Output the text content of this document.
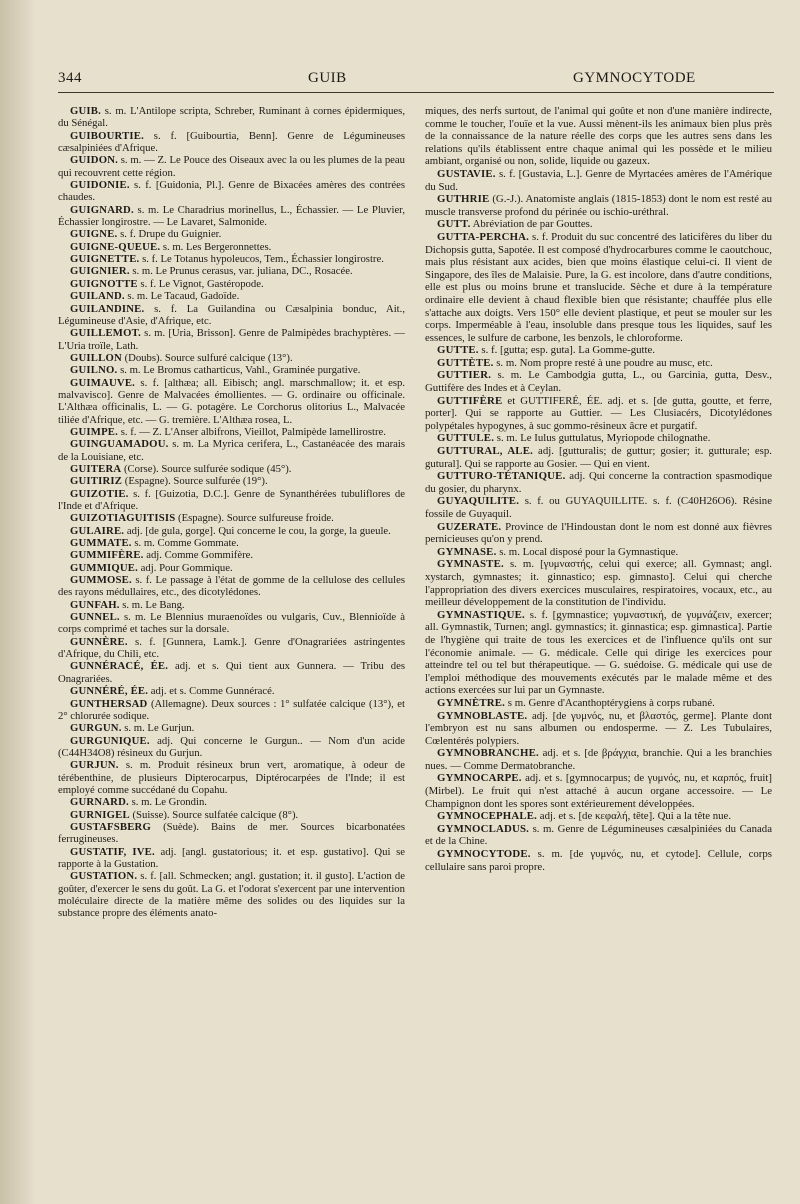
344	GUIB	GYMNOCYTODE

GUIB. s. m. L'Antilope scripta, Schreber, Ruminant à cornes épidermiques, du Sénégal.

GUIBOURTIE. s. f. [Guibourtia, Benn]. Genre de Légumineuses cæsalpiniées d'Afrique.

GUIDON. s. m. — Z. Le Pouce des Oiseaux avec la ou les plumes de la peau qui recouvrent cette région.

GUIDONIE. s. f. [Guidonia, Pl.]. Genre de Bixacées amères des contrées chaudes.

GUIGNARD. s. m. Le Charadrius morinellus, L., Échassier. — Le Pluvier, Échassier longirostre. — Le Lavaret, Salmonide.

GUIGNE. s. f. Drupe du Guignier.

GUIGNE-QUEUE. s. m. Les Bergeronnettes.

GUIGNETTE. s. f. Le Totanus hypoleucos, Tem., Échassier longirostre.

GUIGNIER. s. m. Le Prunus cerasus, var. juliana, DC., Rosacée.

GUIGNOTTE s. f. Le Vignot, Gastéropode.

GUILAND. s. m. Le Tacaud, Gadoïde.

GUILANDINE. s. f. La Guilandina ou Cæsalpinia bonduc, Ait., Légumineuse d'Asie, d'Afrique, etc.

GUILLEMOT. s. m. [Uria, Brisson]. Genre de Palmipèdes brachyptères. — L'Uria troïle, Lath.

GUILLON (Doubs). Source sulfuré calcique (13°).

GUILNO. s. m. Le Bromus catharticus, Vahl., Graminée purgative.

GUIMAUVE. s. f. [althæa; all. Eibisch; angl. marschmallow; it. et esp. malvavisco]. Genre de Malvacées émollientes. — G. ordinaire ou officinale. L'Althæa officinalis, L. — G. potagère. Le Corchorus olitorius L., Malvacée tiliée d'Afrique, etc. — G. tremière. L'Althæa rosea, L.

GUIMPE. s. f. — Z. L'Anser albifrons, Vieillot, Palmipède lamellirostre.

GUINGUAMADOU. s. m. La Myrica cerifera, L., Castanéacée des marais de la Louisiane, etc.

GUITERA (Corse). Source sulfurée sodique (45°).

GUITIRIZ (Espagne). Source sulfurée (19°).

GUIZOTIE. s. f. [Guizotia, D.C.]. Genre de Synanthérées tubuliflores de l'Inde et d'Afrique.

GUIZOTIAGUITISIS (Espagne). Source sulfureuse froide.

GULAIRE. adj. [de gula, gorge]. Qui concerne le cou, la gorge, la gueule.

GUMMATE. s. m. Comme Gommate.

GUMMIFÈRE. adj. Comme Gommifère.

GUMMIQUE. adj. Pour Gommique.

GUMMOSE. s. f. Le passage à l'état de gomme de la cellulose des cellules des rayons médullaires, etc., des dicotylédones.

GUNFAH. s. m. Le Bang.

GUNNEL. s. m. Le Blennius muraenoïdes ou vulgaris, Cuv., Blennioïde à corps comprimé et taches sur la dorsale.

GUNNÈRE. s. f. [Gunnera, Lamk.]. Genre d'Onagrariées astringentes d'Afrique, du Chili, etc.

GUNNÉRACÉ, ÉE. adj. et s. Qui tient aux Gunnera. — Tribu des Onagrariées.

GUNNÉRÉ, ÉE. adj. et s. Comme Gunnéracé.

GUNTHERSAD (Allemagne). Deux sources : 1° sulfatée calcique (13°), et 2° chlorurée sodique.

GURGUN. s. m. Le Gurjun.

GURGUNIQUE. adj. Qui concerne le Gurgun.. — Nom d'un acide (C44H34O8) résineux du Gurjun.

GURJUN. s. m. Produit résineux brun vert, aromatique, à odeur de térébenthine, de plusieurs Dipterocarpus, Diptérocarpées de l'Inde; il est employé comme succédané du Copahu.

GURNARD. s. m. Le Grondin.

GURNIGEL (Suisse). Source sulfatée calcique (8°).

GUSTAFSBERG (Suède). Bains de mer. Sources bicarbonatées ferrugineuses.

GUSTATIF, IVE. adj. [angl. gustatorious; it. et esp. gustativo]. Qui se rapporte à la Gustation.

GUSTATION. s. f. [all. Schmecken; angl. gustation; it. il gusto]. L'action de goûter, d'exercer le sens du goût. La G. et l'odorat s'exercent par une intervention moléculaire directe de la matière même des solides ou des liquides sur la substance propre des éléments anato-

miques, des nerfs surtout, de l'animal qui goûte et non d'une manière indirecte, comme le toucher, l'ouïe et la vue. Aussi mènent-ils les animaux bien plus près de la connaissance de la nature réelle des corps que les autres sens dans les relations qu'ils établissent entre chaque animal qui les possède et le milieu ambiant, organisé ou non, solide, liquide ou gazeux.

GUSTAVIE. s. f. [Gustavia, L.]. Genre de Myrtacées amères de l'Amérique du Sud.

GUTHRIE (G.-J.). Anatomiste anglais (1815-1853) dont le nom est resté au muscle transverse profond du périnée ou ischio-uréthral.

GUTT. Abréviation de par Gouttes.

GUTTA-PERCHA. s. f. Produit du suc concentré des laticifères du liber du Dichopsis gutta, Sapotée. Il est composé d'hydrocarbures comme le caoutchouc, mais plus résistant aux acides, bien que moins élastique celui-ci. Il vient de Singapore, des îles de Malaisie. Pure, la G. est incolore, dans d'autre conditions, elle est plus ou moins brune et translucide. Sèche et dure à la température ordinaire elle devient à chaud flexible bien que résistante; chauffée plus elle s'attache aux doigts. Vers 150° elle devient plastique, et peut se mouler sur les corps. Imperméable à l'eau, insoluble dans presque tous les liquides, sauf les essences, le sulfure de carbone, les benzols, le chloroforme.

GUTTE. s. f. [gutta; esp. guta]. La Gomme-gutte.

GUTTÈTE. s. m. Nom propre resté à une poudre au musc, etc.

GUTTIER. s. m. Le Cambodgia gutta, L., ou Garcinia, gutta, Desv., Guttifère des Indes et à Ceylan.

GUTTIFÈRE et GUTTIFERÉ, ÉE. adj. et s. [de gutta, goutte, et ferre, porter]. Qui se rapporte au Guttier. — Les Clusiacérs, Dicotylédones polypétales hypogynes, à suc gommo-résineux âcre et purgatif.

GUTTULE. s. m. Le Iulus guttulatus, Myriopode chilognathe.

GUTTURAL, ALE. adj. [gutturalis; de guttur; gosier; it. gutturale; esp. gutural]. Qui se rapporte au Gosier. — Qui en vient.

GUTTURO-TÉTANIQUE. adj. Qui concerne la contraction spasmodique du gosier, du pharynx.

GUYAQUILITE. s. f. ou GUYAQUILLITE. s. f. (C40H26O6). Résine fossile de Guyaquil.

GUZERATE. Province de l'Hindoustan dont le nom est donné aux fièvres pernicieuses qu'on y prend.

GYMNASE. s. m. Local disposé pour la Gymnastique.

GYMNASTE. s. m. [γυμναστής, celui qui exerce; all. Gymnast; angl. xystarch, gymnastes; it. ginnastico; esp. gimnasto]. Celui qui cherche l'appropriation des divers exercices musculaires, respiratoires, vocaux, etc., au meilleur développement de la constitution de l'individu.

GYMNASTIQUE. s. f. [gymnastice; γυμναστική, de γυμνάζειν, exercer; all. Gymnastik, Turnen; angl. gymnastics; it. ginnastica; esp. gimnastica]. Partie de l'hygiène qui traite de tous les exercices et de l'influence qu'ils ont sur l'économie animale. — G. médicale. Celle qui dirige les exercices pour atteindre tel ou tel but thérapeutique. — G. suédoise. G. médicale qui use de l'emploi méthodique des mouvements exécutés par le malade même et des actions exercées sur lui par un Gymnaste.

GYMNÈTRE. s m. Genre d'Acanthoptérygiens à corps rubané.

GYMNOBLASTE. adj. [de γυμνός, nu, et βλαστός, germe]. Plante dont l'embryon est nu sans albumen ou endosperme. — Z. Les Tubulaires, Cœlentérés polypiers.

GYMNOBRANCHE. adj. et s. [de βράγχια, branchie. Qui a les branchies nues. — Comme Dermatobranche.

GYMNOCARPE. adj. et s. [gymnocarpus; de γυμνός, nu, et καρπός, fruit] (Mirbel). Le fruit qui n'est attaché à aucun organe accessoire. — Le Champignon dont les spores sont extérieurement développées.

GYMNOCEPHALE. adj. et s. [de κεφαλή, tête]. Qui a la tête nue.

GYMNOCLADUS. s. m. Genre de Légumineuses cæsalpiniées du Canada et de la Chine.

GYMNOCYTODE. s. m. [de γυμνός, nu, et cytode]. Cellule, corps cellulaire sans paroi propre.
